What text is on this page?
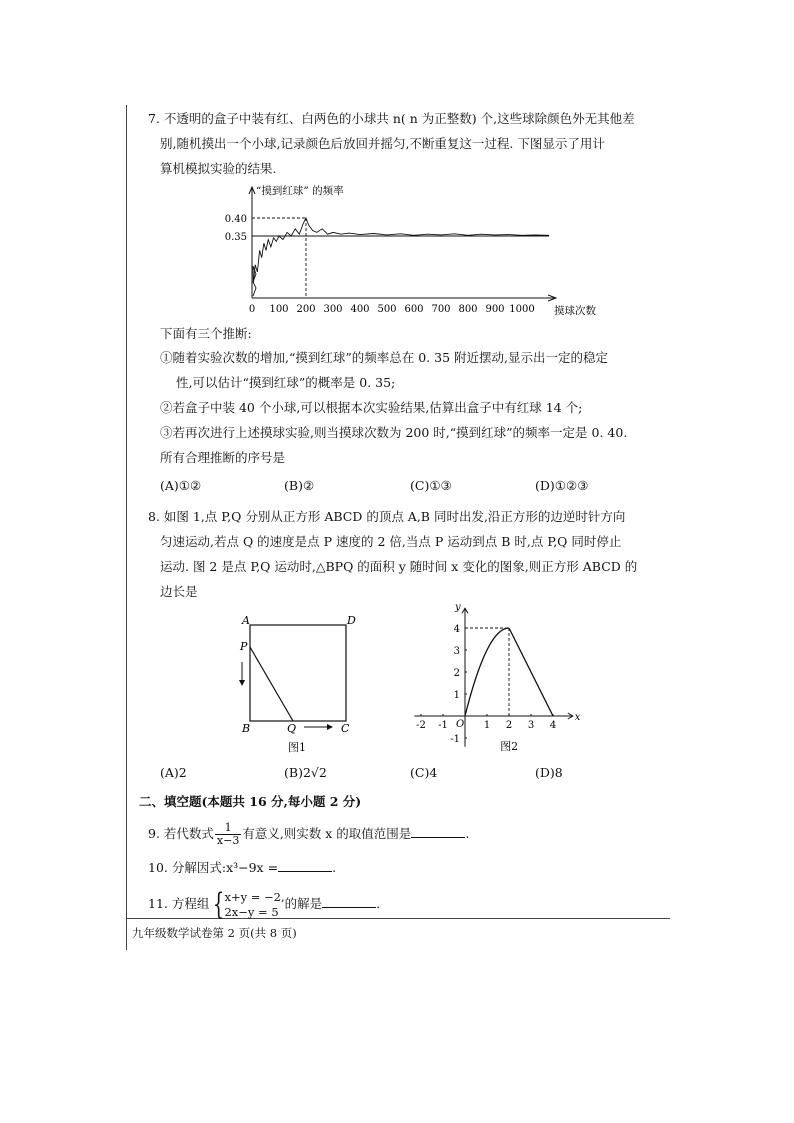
7. 不透明的盒子中装有红、白两色的小球共 n( n 为正整数) 个,这些球除颜色外无其他差
别,随机摸出一个小球,记录颜色后放回并摇匀,不断重复这一过程. 下图显示了用计
算机模拟实验的结果.
“摸到红球” 的频率
摸球次数
0 100 200 300 400 500 600 700 800 900 1000
0.35
0.40
下面有三个推断:
①随着实验次数的增加,“摸到红球”的频率总在 0. 35 附近摆动,显示出一定的稳定
性,可以估计“摸到红球”的概率是 0. 35;
②若盒子中装 40 个小球,可以根据本次实验结果,估算出盒子中有红球 14 个;
③若再次进行上述摸球实验,则当摸球次数为 200 时,“摸到红球”的频率一定是 0. 40.
所有合理推断的序号是
(A)①②	(B)②	(C)①③	(D)①②③
8. 如图 1,点 P,Q 分别从正方形 ABCD 的顶点 A,B 同时出发,沿正方形的边逆时针方向
匀速运动,若点 Q 的速度是点 P 速度的 2 倍,当点 P 运动到点 B 时,点 P,Q 同时停止
运动. 图 2 是点 P,Q 运动时,△BPQ 的面积 y 随时间 x 变化的图象,则正方形 ABCD 的
边长是
A	D
P
B	Q	C
图1
y
x
O
-2 -1	1 2 3 4
4
3
2
1
-1
图2
(A)2	(B)2√2	(C)4	(D)8
二、填空题(本题共 16 分,每小题 2 分)
9. 若代数式 $\frac{1}{x-3}$ 有意义,则实数 x 的取值范围是	.
10. 分解因式:x³−9x =	.
11. 方程组 { x+y = −2,
2x−y = 5
的解是	.
九年级数学试卷第 2 页(共 8 页)
